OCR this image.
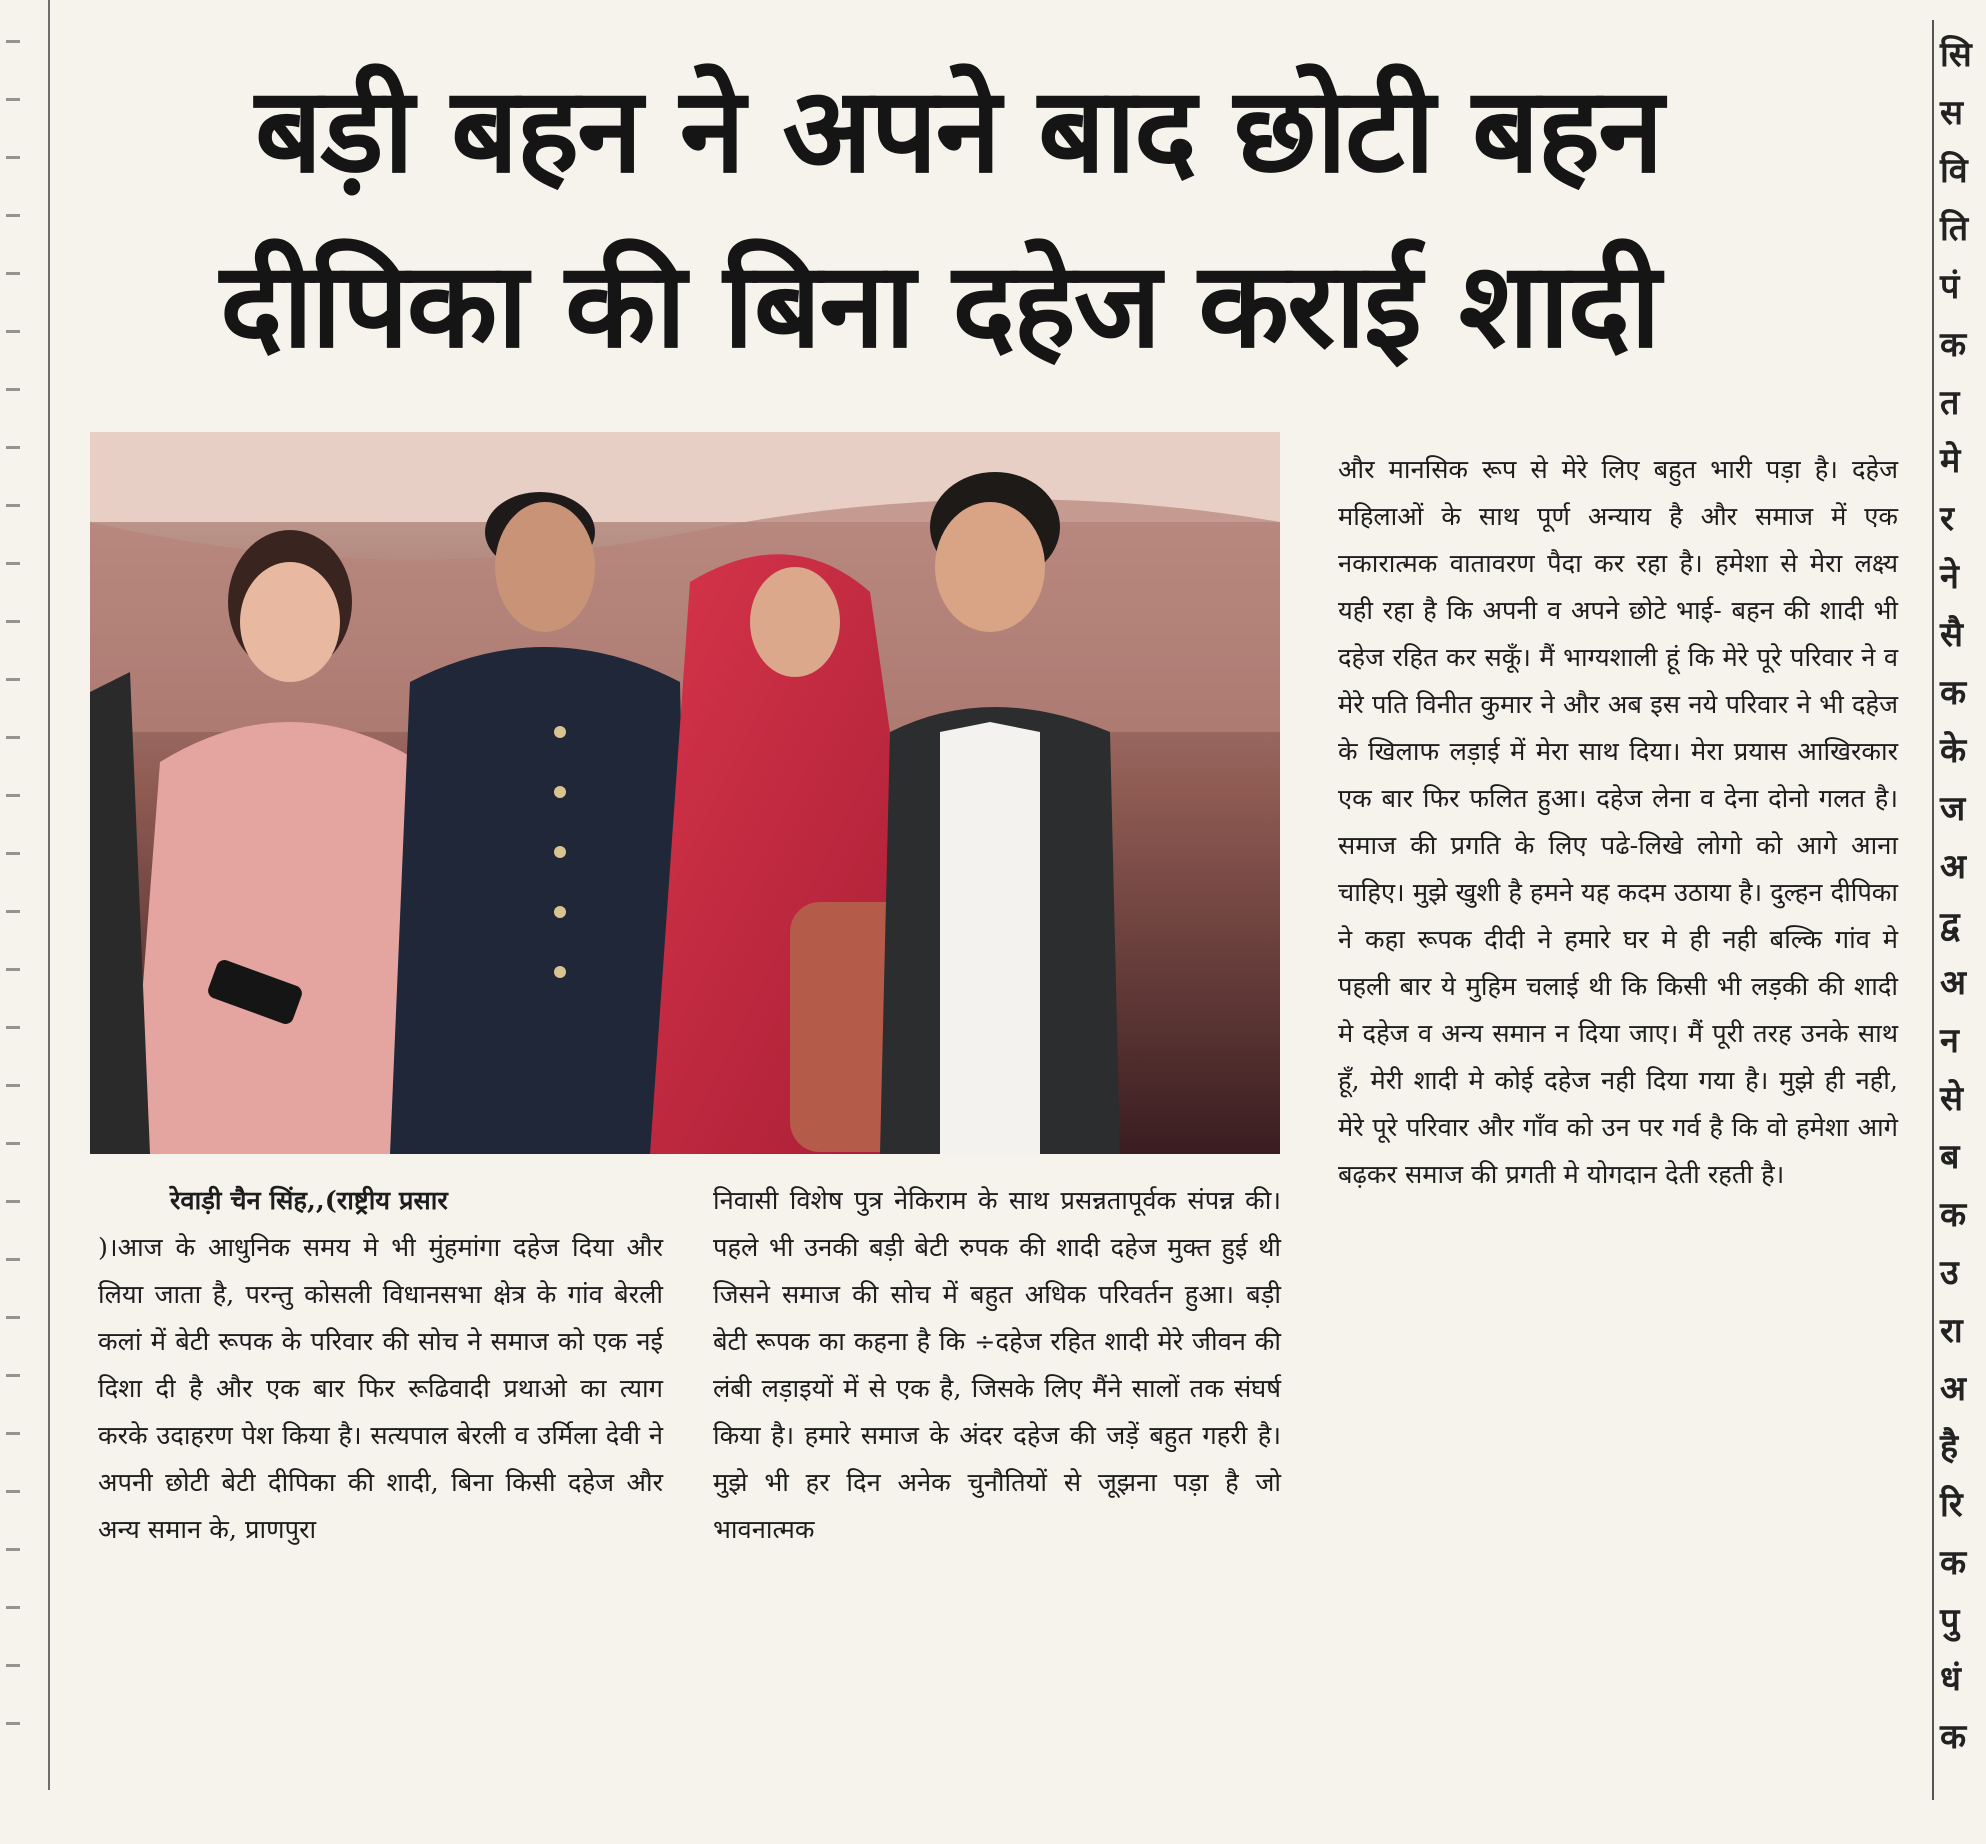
सि
स
वि
ति
पं
क
त
मे
र
ने
सै
क
के
ज
अ
द्व
अ
न
से
ब
क
उ
रा
अ
है
रि
क
पु
धं
क
बड़ी बहन ने अपने बाद छोटी बहन
दीपिका की बिना दहेज कराई शादी

रेवाड़ी चैन सिंह,,(राष्ट्रीय प्रसार
)।आज के आधुनिक समय मे भी मुंहमांगा दहेज दिया और लिया जाता है, परन्तु कोसली विधानसभा क्षेत्र के गांव बेरली कलां में बेटी रूपक के परिवार की सोच ने समाज को एक नई दिशा दी है और एक बार फिर रूढिवादी प्रथाओ का त्याग करके उदाहरण पेश किया है। सत्यपाल बेरली व उर्मिला देवी ने अपनी छोटी बेटी दीपिका की शादी, बिना किसी दहेज और अन्य समान के, प्राणपुरा

निवासी विशेष पुत्र नेकिराम के साथ प्रसन्नतापूर्वक संपन्न की। पहले भी उनकी बड़ी बेटी रुपक की शादी दहेज मुक्त हुई थी जिसने समाज की सोच में बहुत अधिक परिवर्तन हुआ। बड़ी बेटी रूपक का कहना है कि ÷दहेज रहित शादी मेरे जीवन की लंबी लड़ाइयों में से एक है, जिसके लिए मैंने सालों तक संघर्ष किया है। हमारे समाज के अंदर दहेज की जड़ें बहुत गहरी है। मुझे भी हर दिन अनेक चुनौतियों से जूझना पड़ा है जो भावनात्मक

और मानसिक रूप से मेरे लिए बहुत भारी पड़ा है। दहेज महिलाओं के साथ पूर्ण अन्याय है और समाज में एक नकारात्मक वातावरण पैदा कर रहा है। हमेशा से मेरा लक्ष्य यही रहा है कि अपनी व अपने छोटे भाई- बहन की शादी भी दहेज रहित कर सकूँ। मैं भाग्यशाली हूं कि मेरे पूरे परिवार ने व मेरे पति विनीत कुमार ने और अब इस नये परिवार ने भी दहेज के खिलाफ लड़ाई में मेरा साथ दिया। मेरा प्रयास आखिरकार एक बार फिर फलित हुआ। दहेज लेना व देना दोनो गलत है। समाज की प्रगति के लिए पढे-लिखे लोगो को आगे आना चाहिए। मुझे खुशी है हमने यह कदम उठाया है। दुल्हन दीपिका ने कहा रूपक दीदी ने हमारे घर मे ही नही बल्कि गांव मे पहली बार ये मुहिम चलाई थी कि किसी भी लड़की की शादी मे दहेज व अन्य समान न दिया जाए। मैं पूरी तरह उनके साथ हूँ, मेरी शादी मे कोई दहेज नही दिया गया है। मुझे ही नही, मेरे पूरे परिवार और गाँव को उन पर गर्व है कि वो हमेशा आगे बढ़कर समाज की प्रगती मे योगदान देती रहती है।
